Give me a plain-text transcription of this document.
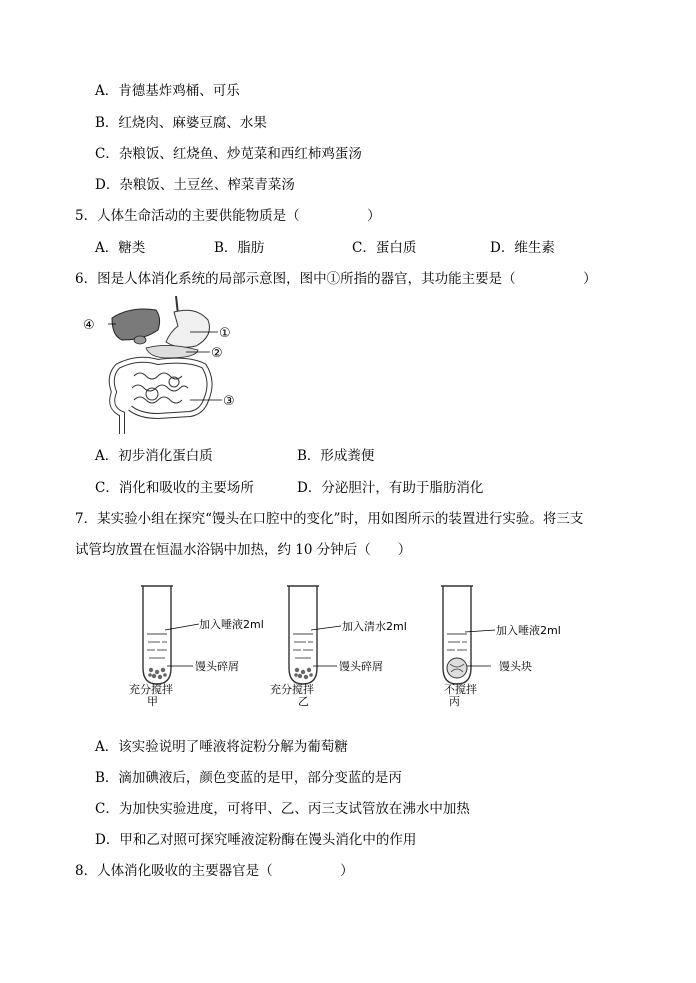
A．肯德基炸鸡桶、可乐
B．红烧肉、麻婆豆腐、水果
C．杂粮饭、红烧鱼、炒苋菜和西红柿鸡蛋汤
D．杂粮饭、土豆丝、榨菜青菜汤
5．人体生命活动的主要供能物质是（　　　　　）
A．糖类	B．脂肪	C．蛋白质	D．维生素
6．图是人体消化系统的局部示意图，图中①所指的器官，其功能主要是（　　　　　）
④
①
②
③
A．初步消化蛋白质	B．形成粪便
C．消化和吸收的主要场所	D．分泌胆汁，有助于脂肪消化
7．某实验小组在探究“馒头在口腔中的变化”时，用如图所示的装置进行实验。将三支
试管均放置在恒温水浴锅中加热，约 10 分钟后（　　）
加入唾液2ml
馒头碎屑
充分搅拌
甲
加入清水2ml
馒头碎屑
充分搅拌
乙
加入唾液2ml
馒头块
不搅拌
丙
A．该实验说明了唾液将淀粉分解为葡萄糖
B．滴加碘液后，颜色变蓝的是甲，部分变蓝的是丙
C．为加快实验进度，可将甲、乙、丙三支试管放在沸水中加热
D．甲和乙对照可探究唾液淀粉酶在馒头消化中的作用
8．人体消化吸收的主要器官是（　　　　　）
